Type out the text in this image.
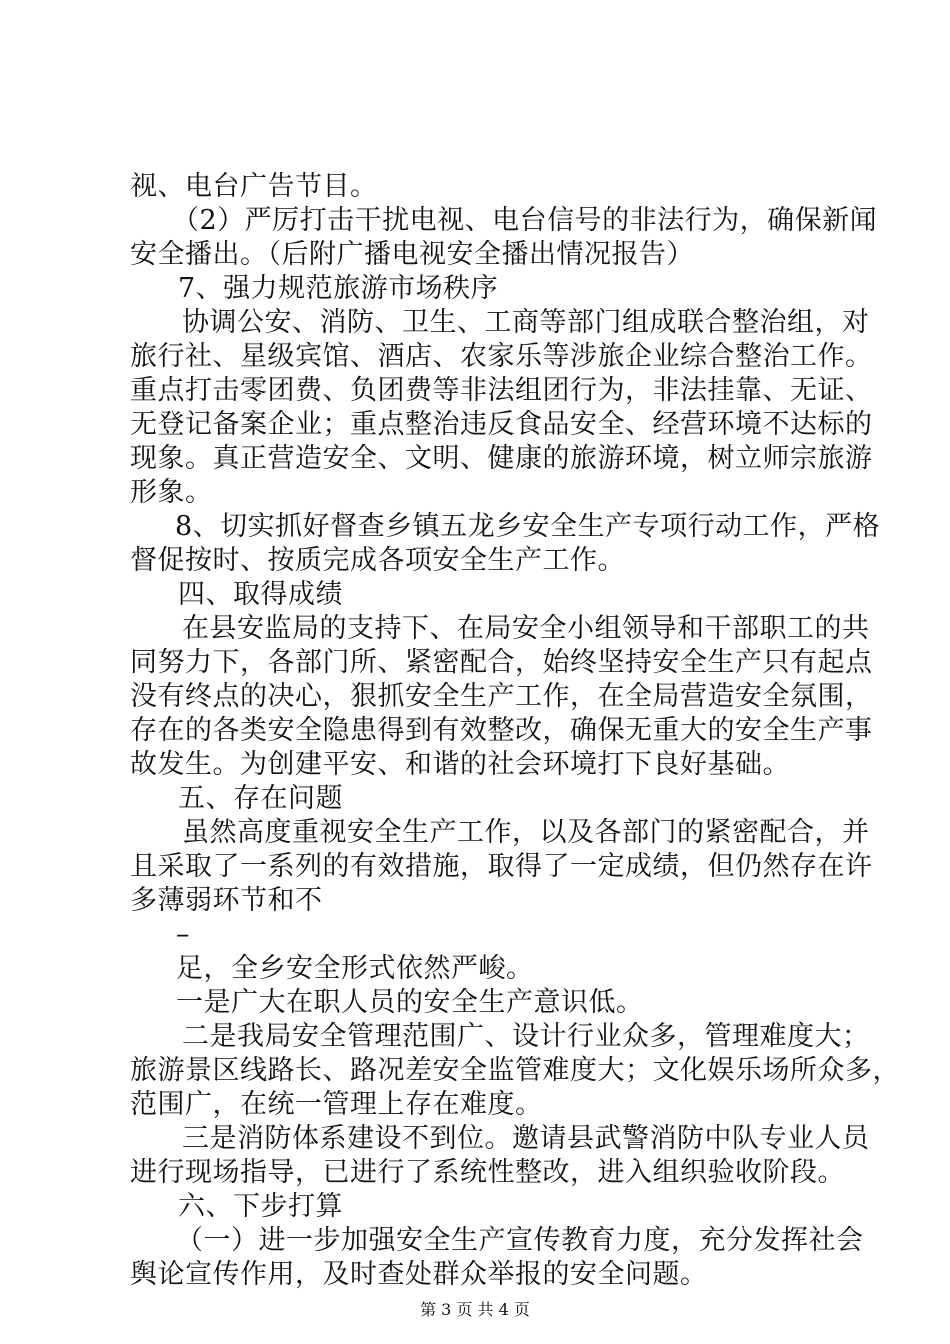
视、电台广告节目。
（2）严厉打击干扰电视、电台信号的非法行为，确保新闻
安全播出。（后附广播电视安全播出情况报告）
7、强力规范旅游市场秩序
协调公安、消防、卫生、工商等部门组成联合整治组，对
旅行社、星级宾馆、酒店、农家乐等涉旅企业综合整治工作。
重点打击零团费、负团费等非法组团行为，非法挂靠、无证、
无登记备案企业；重点整治违反食品安全、经营环境不达标的
现象。真正营造安全、文明、健康的旅游环境，树立师宗旅游
形象。
8、切实抓好督查乡镇五龙乡安全生产专项行动工作，严格
督促按时、按质完成各项安全生产工作。
四、取得成绩
在县安监局的支持下、在局安全小组领导和干部职工的共
同努力下，各部门所、紧密配合，始终坚持安全生产只有起点
没有终点的决心，狠抓安全生产工作，在全局营造安全氛围，
存在的各类安全隐患得到有效整改，确保无重大的安全生产事
故发生。为创建平安、和谐的社会环境打下良好基础。
五、存在问题
虽然高度重视安全生产工作，以及各部门的紧密配合，并
且采取了一系列的有效措施，取得了一定成绩，但仍然存在许
多薄弱环节和不
–
足，全乡安全形式依然严峻。
一是广大在职人员的安全生产意识低。
二是我局安全管理范围广、设计行业众多，管理难度大；
旅游景区线路长、路况差安全监管难度大；文化娱乐场所众多，
范围广，在统一管理上存在难度。
三是消防体系建设不到位。邀请县武警消防中队专业人员
进行现场指导，已进行了系统性整改，进入组织验收阶段。
六、下步打算
（一）进一步加强安全生产宣传教育力度，充分发挥社会
舆论宣传作用，及时查处群众举报的安全问题。
第 3 页 共 4 页
